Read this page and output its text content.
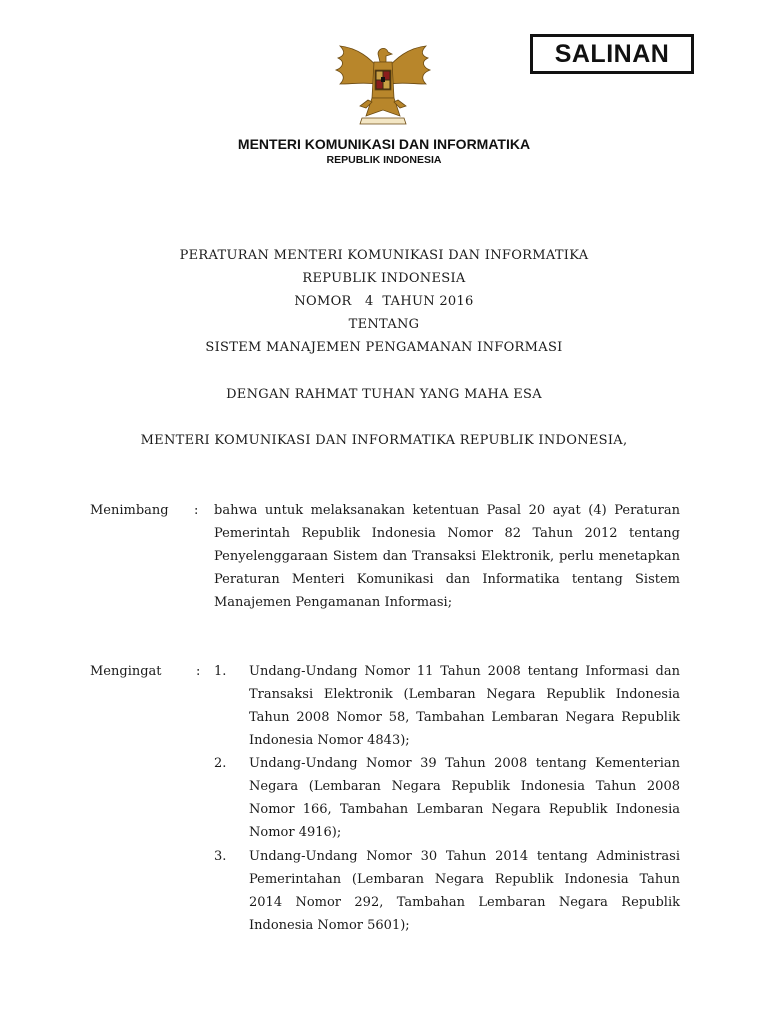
SALINAN
MENTERI KOMUNIKASI DAN INFORMATIKA
REPUBLIK INDONESIA
PERATURAN MENTERI KOMUNIKASI DAN INFORMATIKA
REPUBLIK INDONESIA
NOMOR   4  TAHUN 2016
TENTANG
SISTEM MANAJEMEN PENGAMANAN INFORMASI
DENGAN RAHMAT TUHAN YANG MAHA ESA
MENTERI KOMUNIKASI DAN INFORMATIKA REPUBLIK INDONESIA,
Menimbang : bahwa untuk melaksanakan ketentuan Pasal 20 ayat (4) Peraturan Pemerintah Republik Indonesia Nomor 82 Tahun 2012 tentang Penyelenggaraan Sistem dan Transaksi Elektronik, perlu menetapkan Peraturan Menteri Komunikasi dan Informatika tentang Sistem Manajemen Pengamanan Informasi;
Mengingat	: 1. Undang-Undang Nomor 11 Tahun 2008 tentang Informasi dan Transaksi Elektronik (Lembaran Negara Republik Indonesia Tahun 2008 Nomor 58, Tambahan Lembaran Negara Republik Indonesia Nomor 4843);
2. Undang-Undang Nomor 39 Tahun 2008 tentang Kementerian Negara (Lembaran Negara Republik Indonesia Tahun 2008 Nomor 166, Tambahan Lembaran Negara Republik Indonesia Nomor 4916);
3. Undang-Undang Nomor 30 Tahun 2014 tentang Administrasi Pemerintahan (Lembaran Negara Republik Indonesia Tahun 2014 Nomor 292, Tambahan Lembaran Negara Republik Indonesia Nomor 5601);
